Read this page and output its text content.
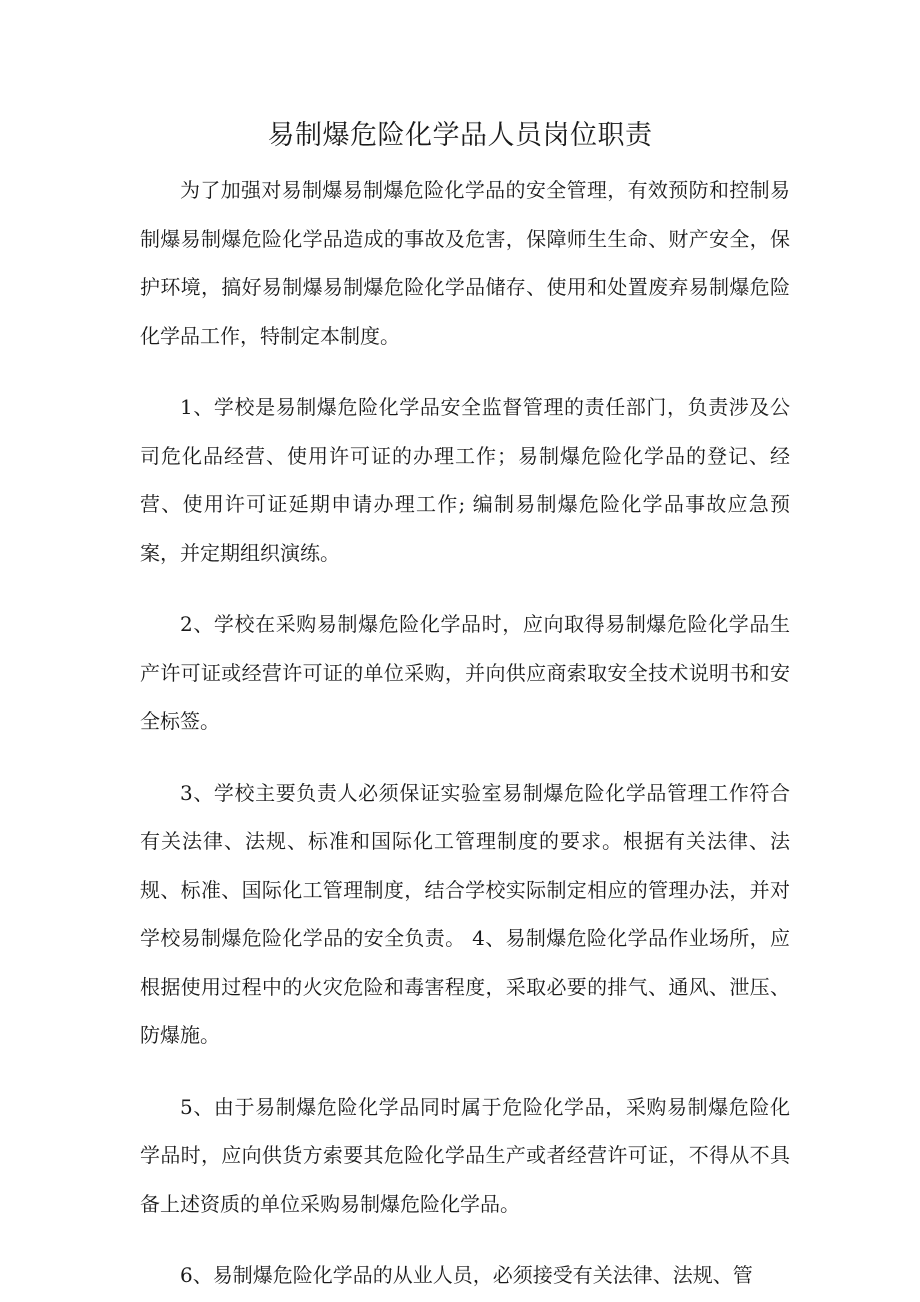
易制爆危险化学品人员岗位职责

为了加强对易制爆易制爆危险化学品的安全管理，有效预防和控制易制爆易制爆危险化学品造成的事故及危害，保障师生生命、财产安全，保护环境，搞好易制爆易制爆危险化学品储存、使用和处置废弃易制爆危险化学品工作，特制定本制度。

1、学校是易制爆危险化学品安全监督管理的责任部门，负责涉及公司危化品经营、使用许可证的办理工作；易制爆危险化学品的登记、经营、使用许可证延期申请办理工作; 编制易制爆危险化学品事故应急预案，并定期组织演练。

2、学校在采购易制爆危险化学品时，应向取得易制爆危险化学品生产许可证或经营许可证的单位采购，并向供应商索取安全技术说明书和安全标签。

3、学校主要负责人必须保证实验室易制爆危险化学品管理工作符合有关法律、法规、标准和国际化工管理制度的要求。根据有关法律、法规、标准、国际化工管理制度，结合学校实际制定相应的管理办法，并对学校易制爆危险化学品的安全负责。 4、易制爆危险化学品作业场所，应根据使用过程中的火灾危险和毒害程度，采取必要的排气、通风、泄压、防爆施。

5、由于易制爆危险化学品同时属于危险化学品，采购易制爆危险化学品时，应向供货方索要其危险化学品生产或者经营许可证，不得从不具备上述资质的单位采购易制爆危险化学品。

6、易制爆危险化学品的从业人员，必须接受有关法律、法规、管
